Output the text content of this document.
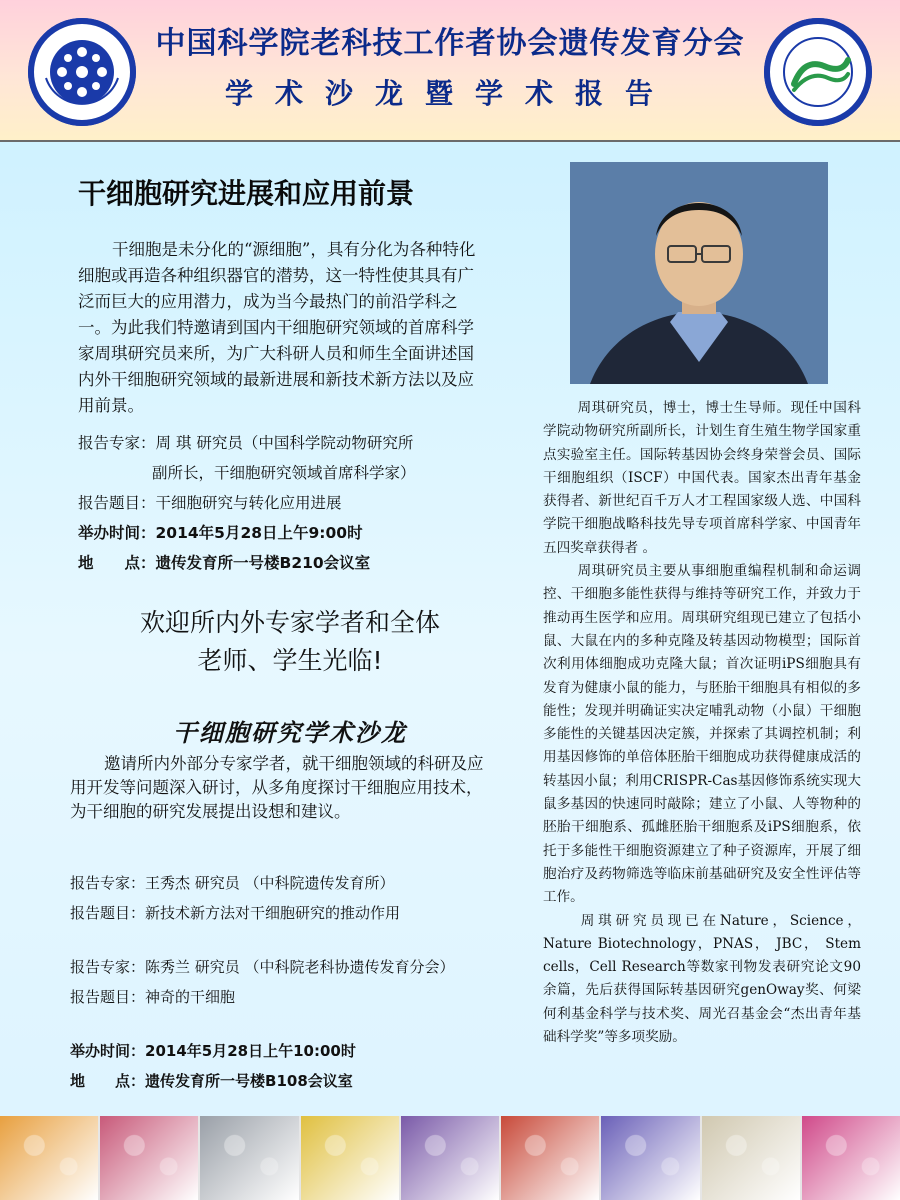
中国科学院老科技工作者协会遗传发育分会
学术沙龙暨学术报告
干细胞研究进展和应用前景
干细胞是未分化的“源细胞”，具有分化为各种特化细胞或再造各种组织器官的潜势，这一特性使其具有广泛而巨大的应用潜力，成为当今最热门的前沿学科之一。为此我们特邀请到国内干细胞研究领域的首席科学家周琪研究员来所，为广大科研人员和师生全面讲述国内外干细胞研究领域的最新进展和新技术新方法以及应用前景。
报告专家： 周 琪 研究员（中国科学院动物研究所
副所长，干细胞研究领域首席科学家）
报告题目： 干细胞研究与转化应用进展
举办时间： 2014年5月28日上午9:00时
地　　点： 遗传发育所一号楼B210会议室
欢迎所内外专家学者和全体
老师、学生光临!
干细胞研究学术沙龙
邀请所内外部分专家学者，就干细胞领域的科研及应用开发等问题深入研讨，从多角度探讨干细胞应用技术，为干细胞的研究发展提出设想和建议。
报告专家：王秀杰 研究员 （中科院遗传发育所）
报告题目：新技术新方法对干细胞研究的推动作用
报告专家：陈秀兰 研究员 （中科院老科协遗传发育分会）
报告题目：神奇的干细胞
举办时间：2014年5月28日上午10:00时
地　　点：遗传发育所一号楼B108会议室

周琪研究员，博士，博士生导师。现任中国科学院动物研究所副所长，计划生育生殖生物学国家重点实验室主任。国际转基因协会终身荣誉会员、国际干细胞组织（ISCF）中国代表。国家杰出青年基金获得者、新世纪百千万人才工程国家级人选、中国科学院干细胞战略科技先导专项首席科学家、中国青年五四奖章获得者 。

周琪研究员主要从事细胞重编程机制和命运调控、干细胞多能性获得与维持等研究工作，并致力于推动再生医学和应用。周琪研究组现已建立了包括小鼠、大鼠在内的多种克隆及转基因动物模型；国际首次利用体细胞成功克隆大鼠；首次证明iPS细胞具有发育为健康小鼠的能力，与胚胎干细胞具有相似的多能性；发现并明确证实决定哺乳动物（小鼠）干细胞多能性的关键基因决定簇，并探索了其调控机制；利用基因修饰的单倍体胚胎干细胞成功获得健康成活的转基因小鼠；利用CRISPR-Cas基因修饰系统实现大鼠多基因的快速同时敲除；建立了小鼠、人等物种的胚胎干细胞系、孤雌胚胎干细胞系及iPS细胞系，依托于多能性干细胞资源建立了种子资源库，开展了细胞治疗及药物筛选等临床前基础研究及安全性评估等工作。

周琪研究员现已在Nature，Science，Nature Biotechnology，PNAS， JBC， Stem cells，Cell Research等数家刊物发表研究论文90余篇，先后获得国际转基因研究genOway奖、何梁何利基金科学与技术奖、周光召基金会“杰出青年基础科学奖”等多项奖励。
